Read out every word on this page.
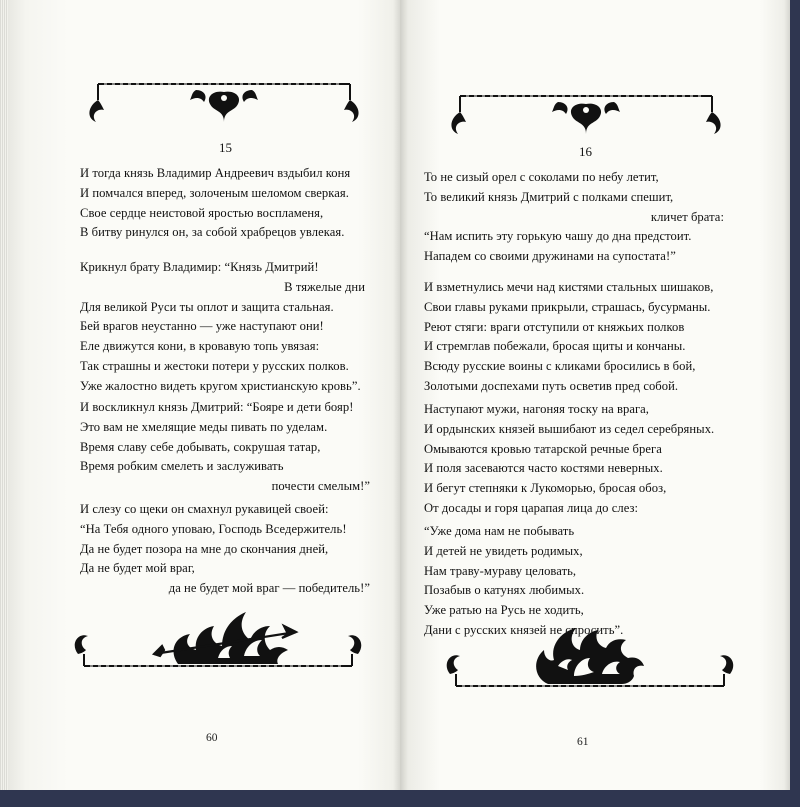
15
И тогда князь Владимир Андреевич вздыбил коня
И помчался вперед, золоченым шеломом сверкая.
Свое сердце неистовой яростью воспламеня,
В битву ринулся он, за собой храбрецов увлекая.
Крикнул брату Владимир: “Князь Дмитрий!
В тяжелые дни
Для великой Руси ты оплот и защита стальная.
Бей врагов неустанно — уже наступают они!
Еле движутся кони, в кровавую топь увязая:
Так страшны и жестоки потери у русских полков.
Уже жалостно видеть кругом христианскую кровь”.
И воскликнул князь Дмитрий: “Бояре и дети бояр!
Это вам не хмелящие меды пивать по уделам.
Время славу себе добывать, сокрушая татар,
Время робким смелеть и заслуживать
почести смелым!”
И слезу со щеки он смахнул рукавицей своей:
“На Тебя одного уповаю, Господь Вседержитель!
Да не будет позора на мне до скончания дней,
Да не будет мой враг,
да не будет мой враг — победитель!”
60
16
То не сизый орел с соколами по небу летит,
То великий князь Дмитрий с полками спешит,
кличет брата:
“Нам испить эту горькую чашу до дна предстоит.
Нападем со своими дружинами на супостата!”
И взметнулись мечи над кистями стальных шишаков,
Свои главы руками прикрыли, страшась, бусурманы.
Реют стяги: враги отступили от княжьих полков
И стремглав побежали, бросая щиты и кончаны.
Всюду русские воины с кликами бросились в бой,
Золотыми доспехами путь осветив пред собой.
Наступают мужи, нагоняя тоску на врага,
И ордынских князей вышибают из седел серебряных.
Омываются кровью татарской речные брега
И поля засеваются часто костями неверных.
И бегут степняки к Лукоморью, бросая обоз,
От досады и горя царапая лица до слез:
“Уже дома нам не побывать
И детей не увидеть родимых,
Нам траву-мураву целовать,
Позабыв о катунях любимых.
Уже ратью на Русь не ходить,
Дани с русских князей не спросить”.
61
